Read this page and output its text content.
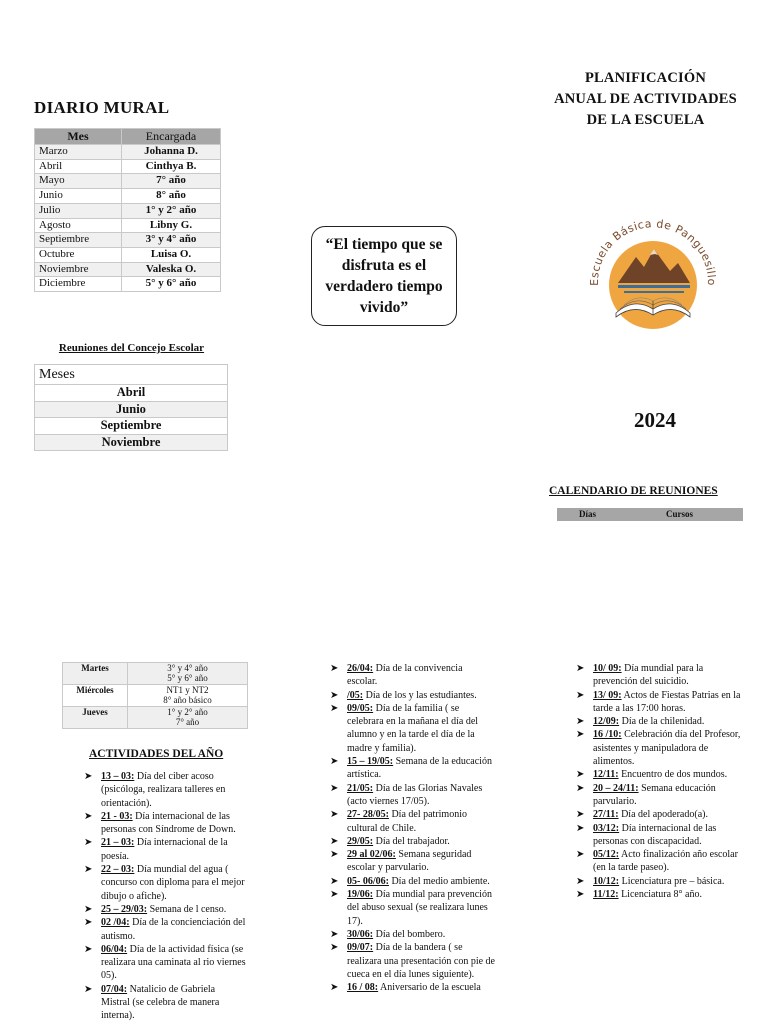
DIARIO MURAL
Mes	Encargada
Marzo	Johanna D.
Abril	Cinthya B.
Mayo	7° año
Junio	8° año
Julio	1° y 2° año
Agosto	Libny G.
Septiembre	3° y 4° año
Octubre	Luisa O.
Noviembre	Valeska O.
Diciembre	5° y 6° año
“El tiempo que se disfruta es el verdadero tiempo vivido”
PLANIFICACIÓN
ANUAL DE ACTIVIDADES
DE LA ESCUELA
Escuela Básica de Panguesillo
2024
Reuniones del Concejo Escolar
Meses
Abril
Junio
Septiembre
Noviembre
CALENDARIO DE REUNIONES
Días	Cursos
Martes	3° y 4° año
5° y 6° año

Miércoles	NT1 y NT2
8° año básico

Jueves	1° y 2° año
7° año
ACTIVIDADES DEL AÑO
➤ 13 – 03: Día del ciber acoso (psicóloga, realizara talleres en orientación).
➤ 21 - 03: Día internacional de las personas con Síndrome de Down.
➤ 21 – 03: Día internacional de la poesía.
➤ 22 – 03: Día mundial del agua ( concurso con diploma para el mejor dibujo o afiche).
➤ 25 – 29/03: Semana de l censo.
➤ 02 /04: Día de la concienciación del autismo.
➤ 06/04: Día de la actividad física (se realizara una caminata al rio viernes 05).
➤ 07/04: Natalicio de Gabriela Mistral (se celebra de manera interna).
➤ 26/04: Día de la convivencia escolar.
➤ /05: Día de los y las estudiantes.
➤ 09/05: Día de la familia ( se celebrara en la mañana el día del alumno y en la tarde el día de la madre y familia).
➤ 15 – 19/05: Semana de la educación artística.
➤ 21/05: Día de las Glorias Navales (acto viernes 17/05).
➤ 27- 28/05: Día del patrimonio cultural de Chile.
➤ 29/05: Día del trabajador.
➤ 29 al 02/06: Semana seguridad escolar y parvulario.
➤ 05- 06/06: Día del medio ambiente.
➤ 19/06: Día mundial para prevención del abuso sexual (se realizara lunes 17).
➤ 30/06: Día del bombero.
➤ 09/07: Día de la bandera ( se realizara una presentación con pie de cueca en el día lunes siguiente).
➤ 16 / 08: Aniversario de la escuela
➤ 10/ 09: Día mundial para la prevención del suicidio.
➤ 13/ 09: Actos de Fiestas Patrias en la tarde a las 17:00 horas.
➤ 12/09: Día de la chilenidad.
➤ 16 /10: Celebración día del Profesor, asistentes y manipuladora de alimentos.
➤ 12/11: Encuentro de dos mundos.
➤ 20 – 24/11: Semana educación parvulario.
➤ 27/11: Día del apoderado(a).
➤ 03/12: Día internacional de las personas con discapacidad.
➤ 05/12: Acto finalización año escolar (en la tarde paseo).
➤ 10/12: Licenciatura pre – básica.
➤ 11/12: Licenciatura 8° año.
